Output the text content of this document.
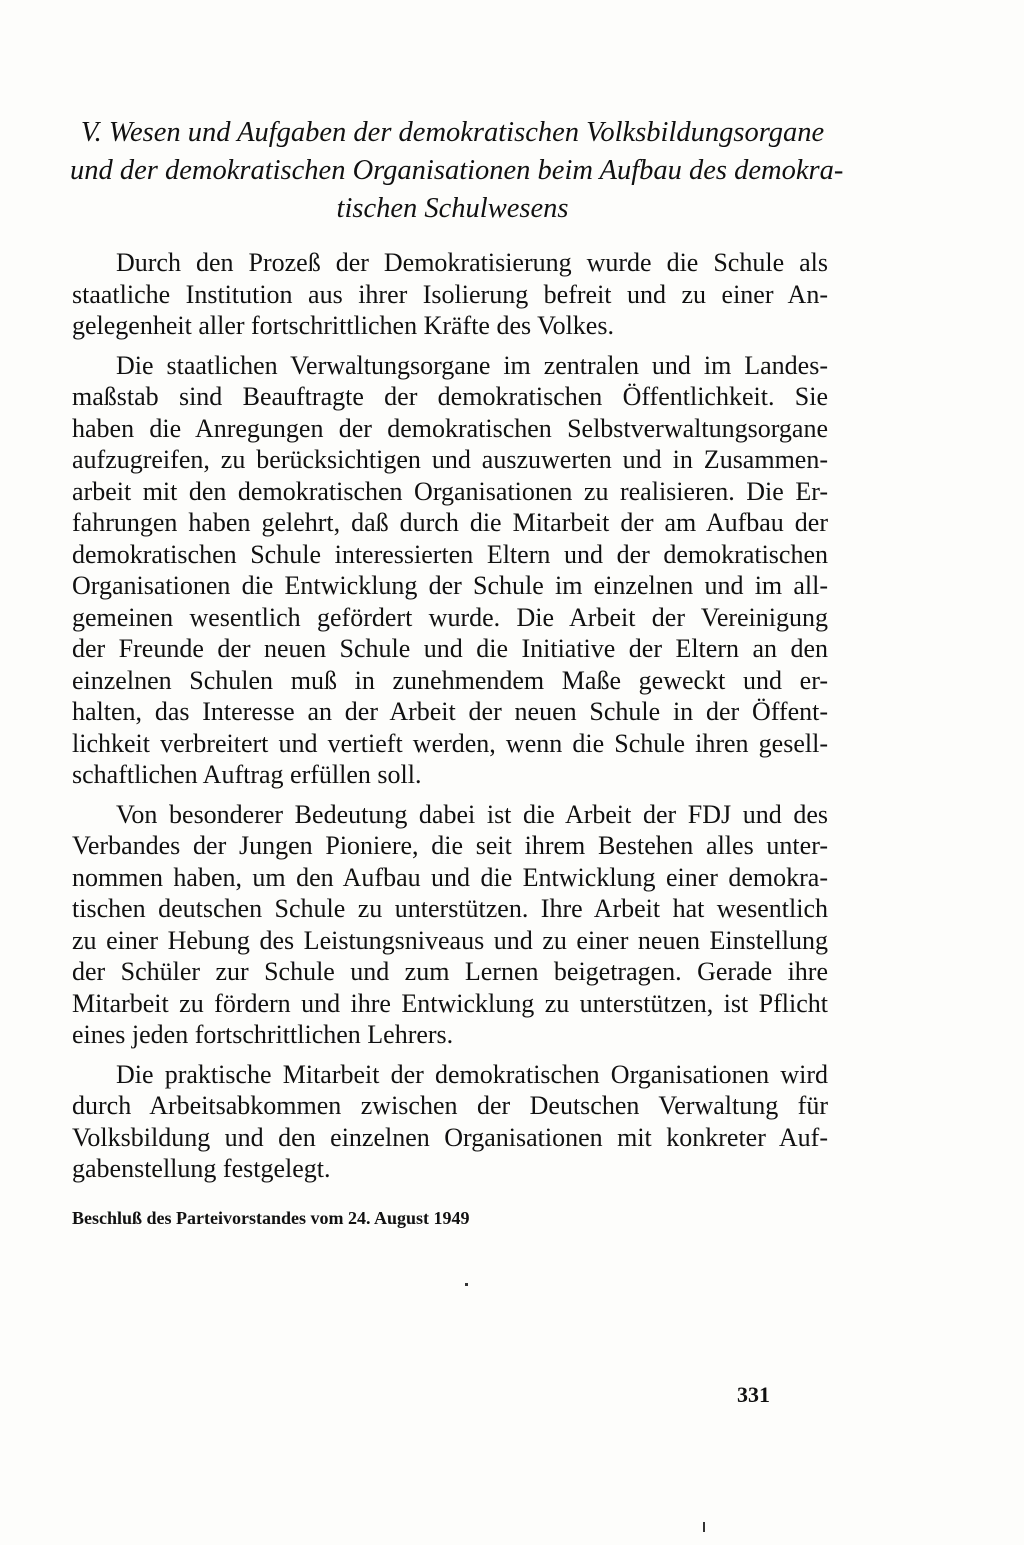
V. Wesen und Aufgaben der demokratischen Volksbildungsorgane
und der demokratischen Organisationen beim Aufbau des demokra-
tischen Schulwesens
Durch den Prozeß der Demokratisierung wurde die Schule als
staatliche Institution aus ihrer Isolierung befreit und zu einer An-
gelegenheit aller fortschrittlichen Kräfte des Volkes.
Die staatlichen Verwaltungsorgane im zentralen und im Landes-
maßstab sind Beauftragte der demokratischen Öffentlichkeit. Sie
haben die Anregungen der demokratischen Selbstverwaltungsorgane
aufzugreifen, zu berücksichtigen und auszuwerten und in Zusammen-
arbeit mit den demokratischen Organisationen zu realisieren. Die Er-
fahrungen haben gelehrt, daß durch die Mitarbeit der am Aufbau der
demokratischen Schule interessierten Eltern und der demokratischen
Organisationen die Entwicklung der Schule im einzelnen und im all-
gemeinen wesentlich gefördert wurde. Die Arbeit der Vereinigung
der Freunde der neuen Schule und die Initiative der Eltern an den
einzelnen Schulen muß in zunehmendem Maße geweckt und er-
halten, das Interesse an der Arbeit der neuen Schule in der Öffent-
lichkeit verbreitert und vertieft werden, wenn die Schule ihren gesell-
schaftlichen Auftrag erfüllen soll.
Von besonderer Bedeutung dabei ist die Arbeit der FDJ und des
Verbandes der Jungen Pioniere, die seit ihrem Bestehen alles unter-
nommen haben, um den Aufbau und die Entwicklung einer demokra-
tischen deutschen Schule zu unterstützen. Ihre Arbeit hat wesentlich
zu einer Hebung des Leistungsniveaus und zu einer neuen Einstellung
der Schüler zur Schule und zum Lernen beigetragen. Gerade ihre
Mitarbeit zu fördern und ihre Entwicklung zu unterstützen, ist Pflicht
eines jeden fortschrittlichen Lehrers.
Die praktische Mitarbeit der demokratischen Organisationen wird
durch Arbeitsabkommen zwischen der Deutschen Verwaltung für
Volksbildung und den einzelnen Organisationen mit konkreter Auf-
gabenstellung festgelegt.
Beschluß des Parteivorstandes vom 24. August 1949
331
